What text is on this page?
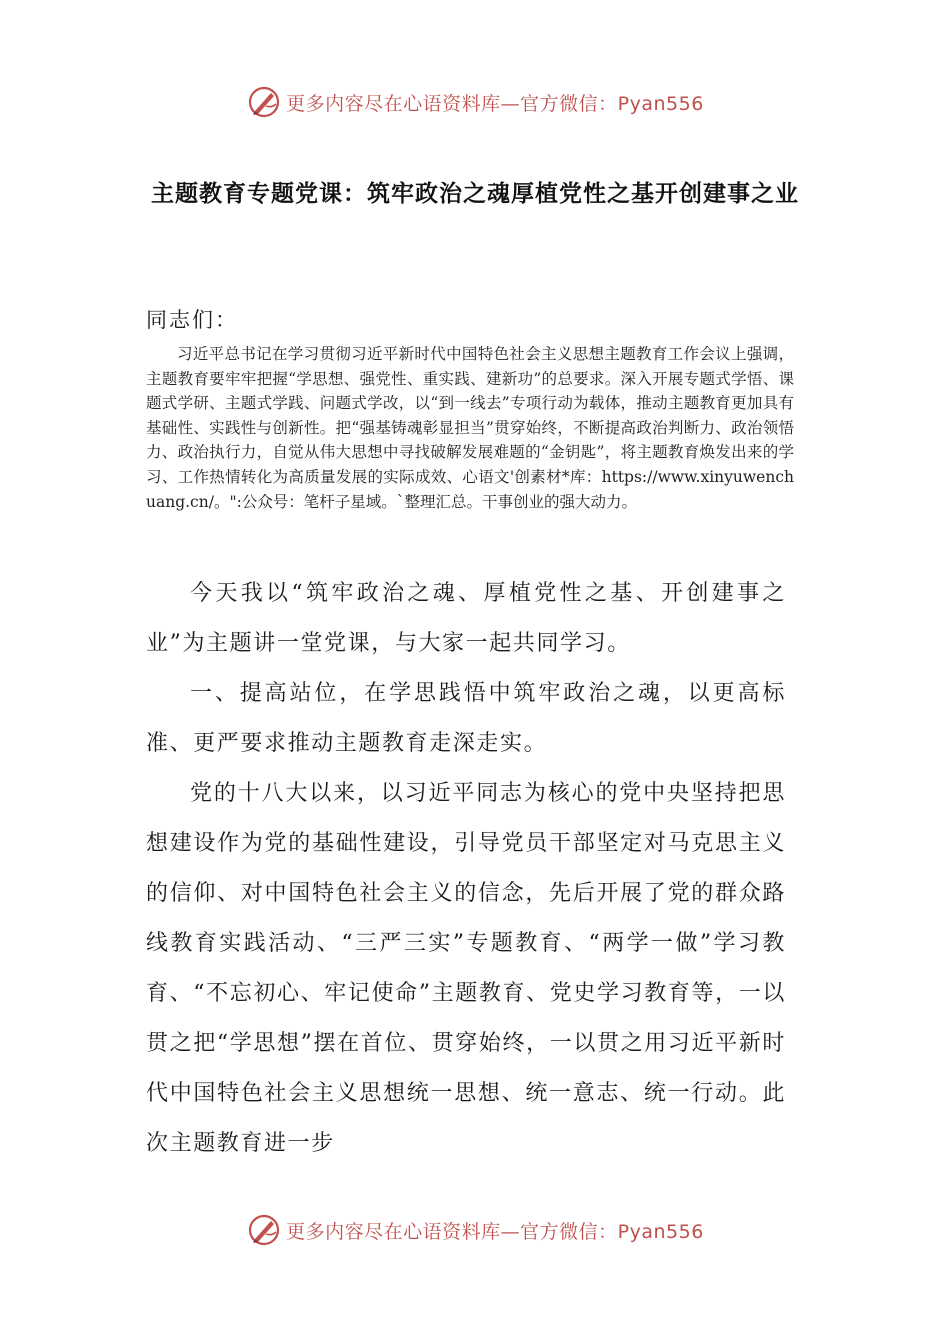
更多内容尽在心语资料库—官方微信：Pyan556
主题教育专题党课：筑牢政治之魂厚植党性之基开创建事之业
同志们：
习近平总书记在学习贯彻习近平新时代中国特色社会主义思想主题教育工作会议上强调，主题教育要牢牢把握“学思想、强党性、重实践、建新功”的总要求。深入开展专题式学悟、课题式学研、主题式学践、问题式学改，以“到一线去”专项行动为载体，推动主题教育更加具有基础性、实践性与创新性。把“强基铸魂彰显担当”贯穿始终，不断提高政治判断力、政治领悟力、政治执行力，自觉从伟大思想中寻找破解发展难题的“金钥匙”，将主题教育焕发出来的学习、工作热情转化为高质量发展的实际成效、心语文'创素材*库：https://www.xinyuwenchuang.cn/。":公众号：笔杆子星域。`整理汇总。干事创业的强大动力。
今天我以“筑牢政治之魂、厚植党性之基、开创建事之业”为主题讲一堂党课，与大家一起共同学习。
一、提高站位，在学思践悟中筑牢政治之魂，以更高标准、更严要求推动主题教育走深走实。
党的十八大以来，以习近平同志为核心的党中央坚持把思想建设作为党的基础性建设，引导党员干部坚定对马克思主义的信仰、对中国特色社会主义的信念，先后开展了党的群众路线教育实践活动、“三严三实”专题教育、“两学一做”学习教育、“不忘初心、牢记使命”主题教育、党史学习教育等，一以贯之把“学思想”摆在首位、贯穿始终，一以贯之用习近平新时代中国特色社会主义思想统一思想、统一意志、统一行动。此次主题教育进一步
更多内容尽在心语资料库—官方微信：Pyan556
